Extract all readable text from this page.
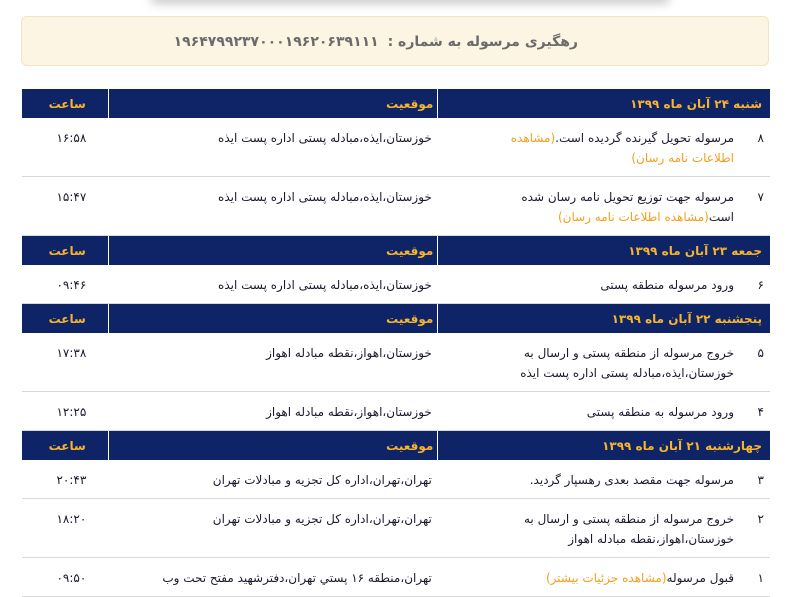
رهگیری مرسوله به شماره : ۱۹۶۴۷۹۹۲۳۷۰۰۰۱۹۶۲۰۶۳۹۱۱۱
شنبه ۲۴ آبان ماه ۱۳۹۹	موقعیت	ساعت
۸مرسوله تحویل گیرنده گردیده است.(مشاهده اطلاعات نامه رسان)	خوزستان،ایذه،مبادله پستی اداره پست ایذه	۱۶:۵۸
۷مرسوله جهت توزیع تحویل نامه رسان شده است(مشاهده اطلاعات نامه رسان)	خوزستان،ایذه،مبادله پستی اداره پست ایذه	۱۵:۴۷
جمعه ۲۳ آبان ماه ۱۳۹۹	موقعیت	ساعت
۶ورود مرسوله منطقه پستی	خوزستان،ایذه،مبادله پستی اداره پست ایذه	۰۹:۴۶
پنجشنبه ۲۲ آبان ماه ۱۳۹۹	موقعیت	ساعت
۵خروج مرسوله از منطقه پستی و ارسال به خوزستان،ایذه،مبادله پستی اداره پست ایذه	خوزستان،اهواز،نقطه مبادله اهواز	۱۷:۳۸
۴ورود مرسوله به منطقه پستی	خوزستان،اهواز،نقطه مبادله اهواز	۱۲:۲۵
چهارشنبه ۲۱ آبان ماه ۱۳۹۹	موقعیت	ساعت
۳مرسوله جهت مقصد بعدی رهسپار گردید.	تهران،تهران،اداره کل تجزیه و مبادلات تهران	۲۰:۴۳
۲خروج مرسوله از منطقه پستی و ارسال به خوزستان،اهواز،نقطه مبادله اهواز	تهران،تهران،اداره کل تجزیه و مبادلات تهران	۱۸:۲۰
۱قبول مرسوله(مشاهده جزئیات بیشتر)	تهران،منطقه ۱۶ پستي تهران،دفترشهید مفتح تحت وب	۰۹:۵۰
